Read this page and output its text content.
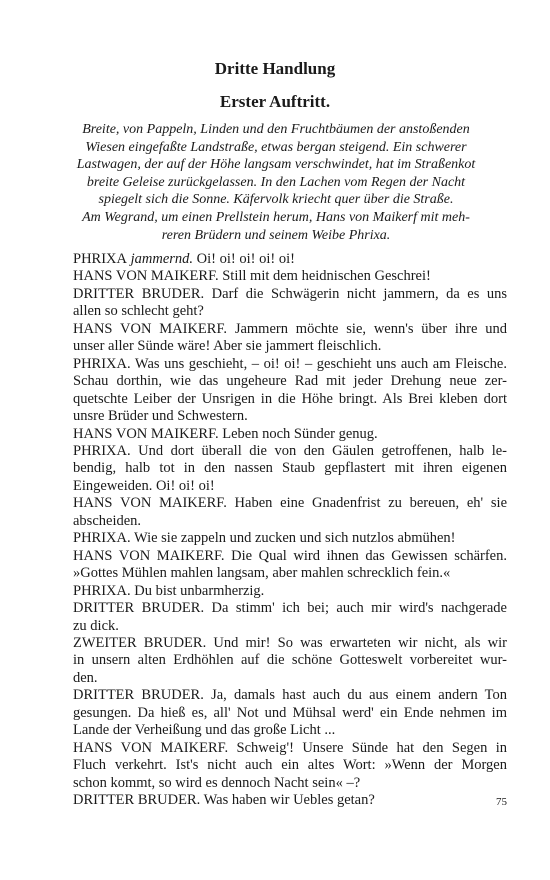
Dritte Handlung
Erster Auftritt.
Breite, von Pappeln, Linden und den Fruchtbäumen der anstoßenden
Wiesen eingefaßte Landstraße, etwas bergan steigend. Ein schwerer
Lastwagen, der auf der Höhe langsam verschwindet, hat im Straßenkot
breite Geleise zurückgelassen. In den Lachen vom Regen der Nacht
spiegelt sich die Sonne. Käfervolk kriecht quer über die Straße.
Am Wegrand, um einen Prellstein herum, Hans von Maikerf mit meh-
reren Brüdern und seinem Weibe Phrixa.
PHRIXA jammernd. Oi! oi! oi! oi! oi!
HANS VON MAIKERF. Still mit dem heidnischen Geschrei!
DRITTER BRUDER. Darf die Schwägerin nicht jammern, da es uns
allen so schlecht geht?
HANS VON MAIKERF. Jammern möchte sie, wenn's über ihre und
unser aller Sünde wäre! Aber sie jammert fleischlich.
PHRIXA. Was uns geschieht, – oi! oi! – geschieht uns auch am Fleische.
Schau dorthin, wie das ungeheure Rad mit jeder Drehung neue zer-
quetschte Leiber der Unsrigen in die Höhe bringt. Als Brei kleben dort
unsre Brüder und Schwestern.
HANS VON MAIKERF. Leben noch Sünder genug.
PHRIXA. Und dort überall die von den Gäulen getroffenen, halb le-
bendig, halb tot in den nassen Staub gepflastert mit ihren eigenen
Eingeweiden. Oi! oi! oi!
HANS VON MAIKERF. Haben eine Gnadenfrist zu bereuen, eh' sie
abscheiden.
PHRIXA. Wie sie zappeln und zucken und sich nutzlos abmühen!
HANS VON MAIKERF. Die Qual wird ihnen das Gewissen schärfen.
»Gottes Mühlen mahlen langsam, aber mahlen schrecklich fein.«
PHRIXA. Du bist unbarmherzig.
DRITTER BRUDER. Da stimm' ich bei; auch mir wird's nachgerade
zu dick.
ZWEITER BRUDER. Und mir! So was erwarteten wir nicht, als wir
in unsern alten Erdhöhlen auf die schöne Gotteswelt vorbereitet wur-
den.
DRITTER BRUDER. Ja, damals hast auch du aus einem andern Ton
gesungen. Da hieß es, all' Not und Mühsal werd' ein Ende nehmen im
Lande der Verheißung und das große Licht ...
HANS VON MAIKERF. Schweig'! Unsere Sünde hat den Segen in
Fluch verkehrt. Ist's nicht auch ein altes Wort: »Wenn der Morgen
schon kommt, so wird es dennoch Nacht sein« –?
DRITTER BRUDER. Was haben wir Uebles getan?	75
